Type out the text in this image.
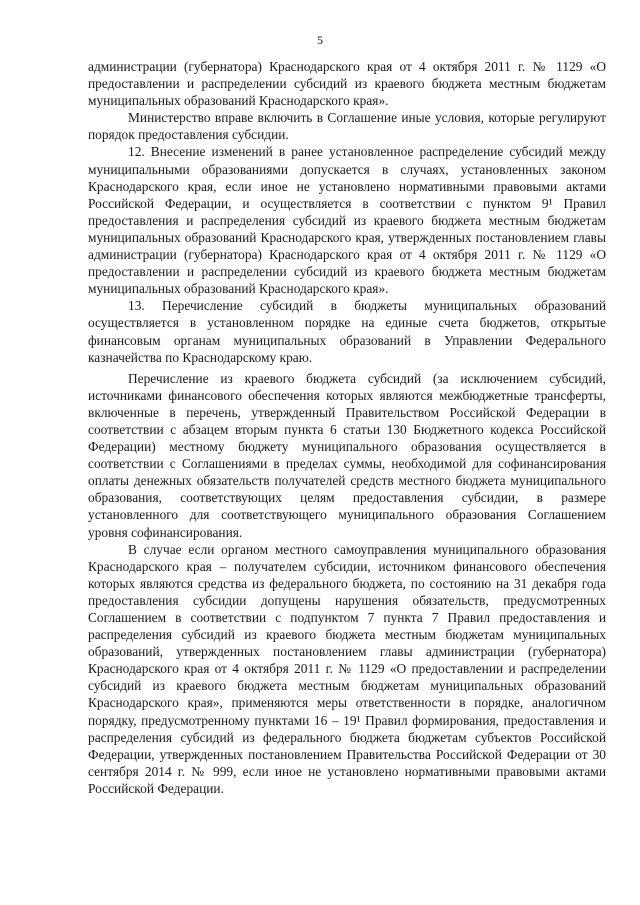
5

администрации (губернатора) Краснодарского края от 4 октября 2011 г. № 1129 «О предоставлении и распределении субсидий из краевого бюджета местным бюджетам муниципальных образований Краснодарского края».

Министерство вправе включить в Соглашение иные условия, которые регулируют порядок предоставления субсидии.

12. Внесение изменений в ранее установленное распределение субсидий между муниципальными образованиями допускается в случаях, установленных законом Краснодарского края, если иное не установлено нормативными правовыми актами Российской Федерации, и осуществляется в соответствии с пунктом 9¹ Правил предоставления и распределения субсидий из краевого бюджета местным бюджетам муниципальных образований Краснодарского края, утвержденных постановлением главы администрации (губернатора) Краснодарского края от 4 октября 2011 г. № 1129 «О предоставлении и распределении субсидий из краевого бюджета местным бюджетам муниципальных образований Краснодарского края».

13. Перечисление субсидий в бюджеты муниципальных образований осуществляется в установленном порядке на единые счета бюджетов, открытые финансовым органам муниципальных образований в Управлении Федерального казначейства по Краснодарскому краю.

Перечисление из краевого бюджета субсидий (за исключением субсидий, источниками финансового обеспечения которых являются межбюджетные трансферты, включенные в перечень, утвержденный Правительством Российской Федерации в соответствии с абзацем вторым пункта 6 статьи 130 Бюджетного кодекса Российской Федерации) местному бюджету муниципального образования осуществляется в соответствии с Соглашениями в пределах суммы, необходимой для софинансирования оплаты денежных обязательств получателей средств местного бюджета муниципального образования, соответствующих целям предоставления субсидии, в размере установленного для соответствующего муниципального образования Соглашением уровня софинансирования.

В случае если органом местного самоуправления муниципального образования Краснодарского края – получателем субсидии, источником финансового обеспечения которых являются средства из федерального бюджета, по состоянию на 31 декабря года предоставления субсидии допущены нарушения обязательств, предусмотренных Соглашением в соответствии с подпунктом 7 пункта 7 Правил предоставления и распределения субсидий из краевого бюджета местным бюджетам муниципальных образований, утвержденных постановлением главы администрации (губернатора) Краснодарского края от 4 октября 2011 г. № 1129 «О предоставлении и распределении субсидий из краевого бюджета местным бюджетам муниципальных образований Краснодарского края», применяются меры ответственности в порядке, аналогичном порядку, предусмотренному пунктами 16 – 19¹ Правил формирования, предоставления и распределения субсидий из федерального бюджета бюджетам субъектов Российской Федерации, утвержденных постановлением Правительства Российской Федерации от 30 сентября 2014 г. № 999, если иное не установлено нормативными правовыми актами Российской Федерации.
